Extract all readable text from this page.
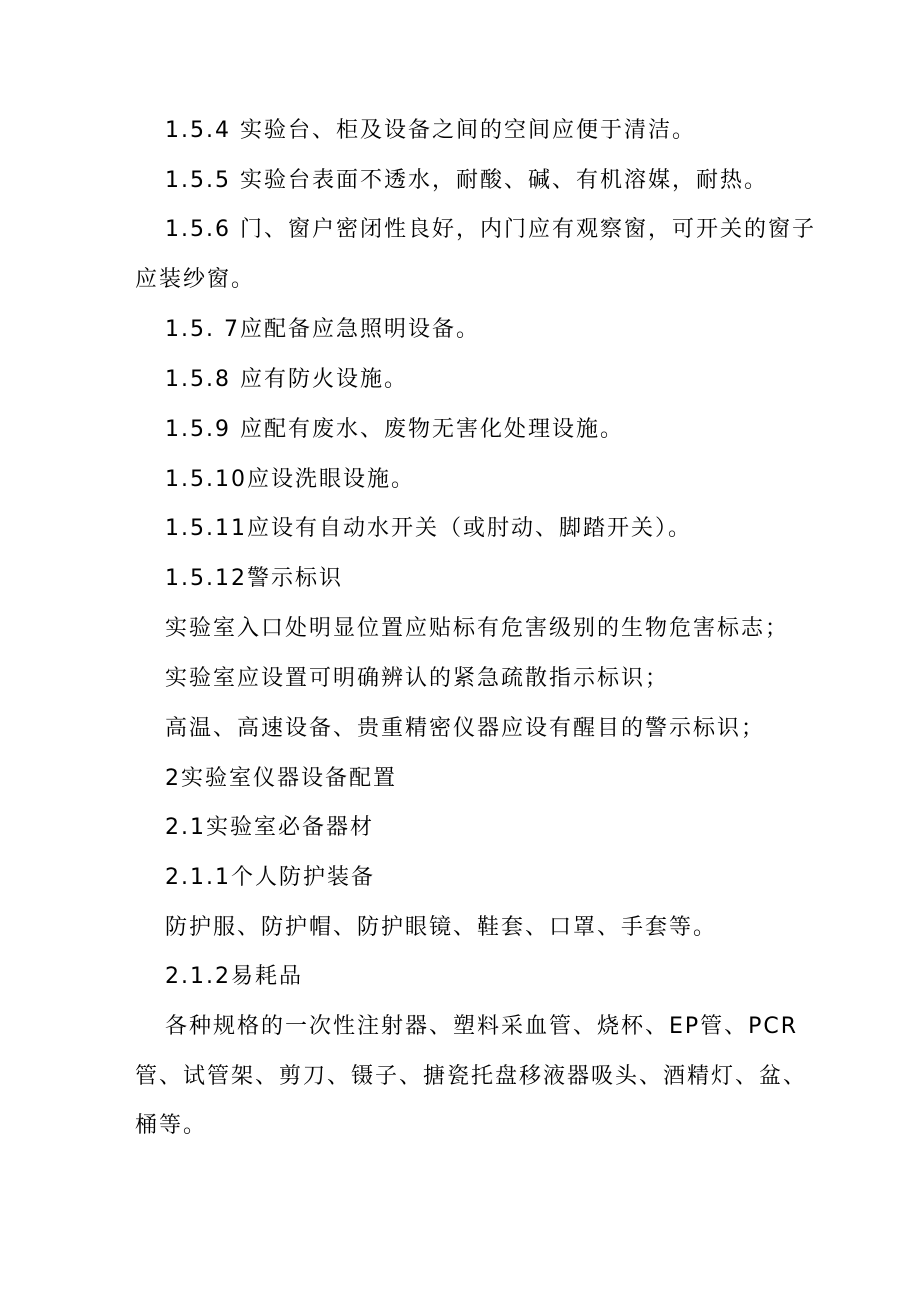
1.5.4 实验台、柜及设备之间的空间应便于清洁。
1.5.5 实验台表面不透水，耐酸、碱、有机溶媒，耐热。
1.5.6 门、窗户密闭性良好，内门应有观察窗，可开关的窗子
应装纱窗。
1.5. 7应配备应急照明设备。
1.5.8 应有防火设施。
1.5.9 应配有废水、废物无害化处理设施。
1.5.10应设洗眼设施。
1.5.11应设有自动水开关（或肘动、脚踏开关）。
1.5.12警示标识
实验室入口处明显位置应贴标有危害级别的生物危害标志；
实验室应设置可明确辨认的紧急疏散指示标识；
高温、高速设备、贵重精密仪器应设有醒目的警示标识；
2实验室仪器设备配置
2.1实验室必备器材
2.1.1个人防护装备
防护服、防护帽、防护眼镜、鞋套、口罩、手套等。
2.1.2易耗品
各种规格的一次性注射器、塑料采血管、烧杯、EP管、PCR
管、试管架、剪刀、镊子、搪瓷托盘移液器吸头、酒精灯、盆、
桶等。
